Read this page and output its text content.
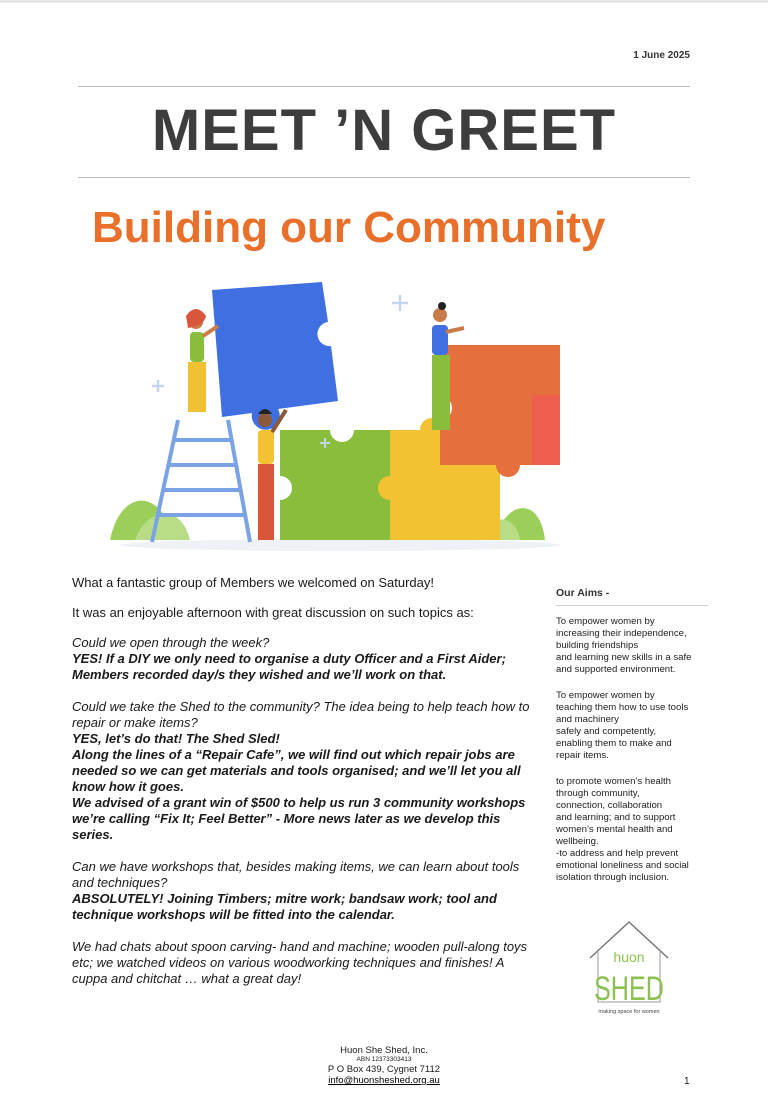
1 June 2025
MEET ’N GREET
Building our Community

What a fantastic group of Members we welcomed on Saturday!

It was an enjoyable afternoon with great discussion on such topics as:

Could we open through the week?
YES! If a DIY we only need to organise a duty Officer and a First Aider; Members recorded day/s they wished and we’ll work on that.
Could we take the Shed to the community? The idea being to help teach how to repair or make items?
YES, let’s do that! The Shed Sled!
Along the lines of a “Repair Cafe”, we will find out which repair jobs are needed so we can get materials and tools organised; and we’ll let you all know how it goes.
We advised of a grant win of $500 to help us run 3 community workshops we’re calling “Fix It; Feel Better” - More news later as we develop this series.
Can we have workshops that, besides making items, we can learn about tools and techniques?
ABSOLUTELY! Joining Timbers; mitre work; bandsaw work; tool and technique workshops will be fitted into the calendar.
We had chats about spoon carving- hand and machine; wooden pull-along toys etc; we watched videos on various woodworking techniques and finishes! A cuppa and chitchat … what a great day!
Our Aims -
To empower women by
increasing their independence,
building friendships
and learning new skills in a safe
and supported environment.
To empower women by
teaching them how to use tools
and machinery
safely and competently,
enabling them to make and
repair items.
to promote women’s health
through community,
connection, collaboration
and learning; and to support
women’s mental health and
wellbeing.
-to address and help prevent
emotional loneliness and social
isolation through inclusion.
huon
SHED
making space for women
Huon She Shed, Inc.
ABN 12373303413
P O Box 439, Cygnet 7112
info@huonsheshed.org.au	1
